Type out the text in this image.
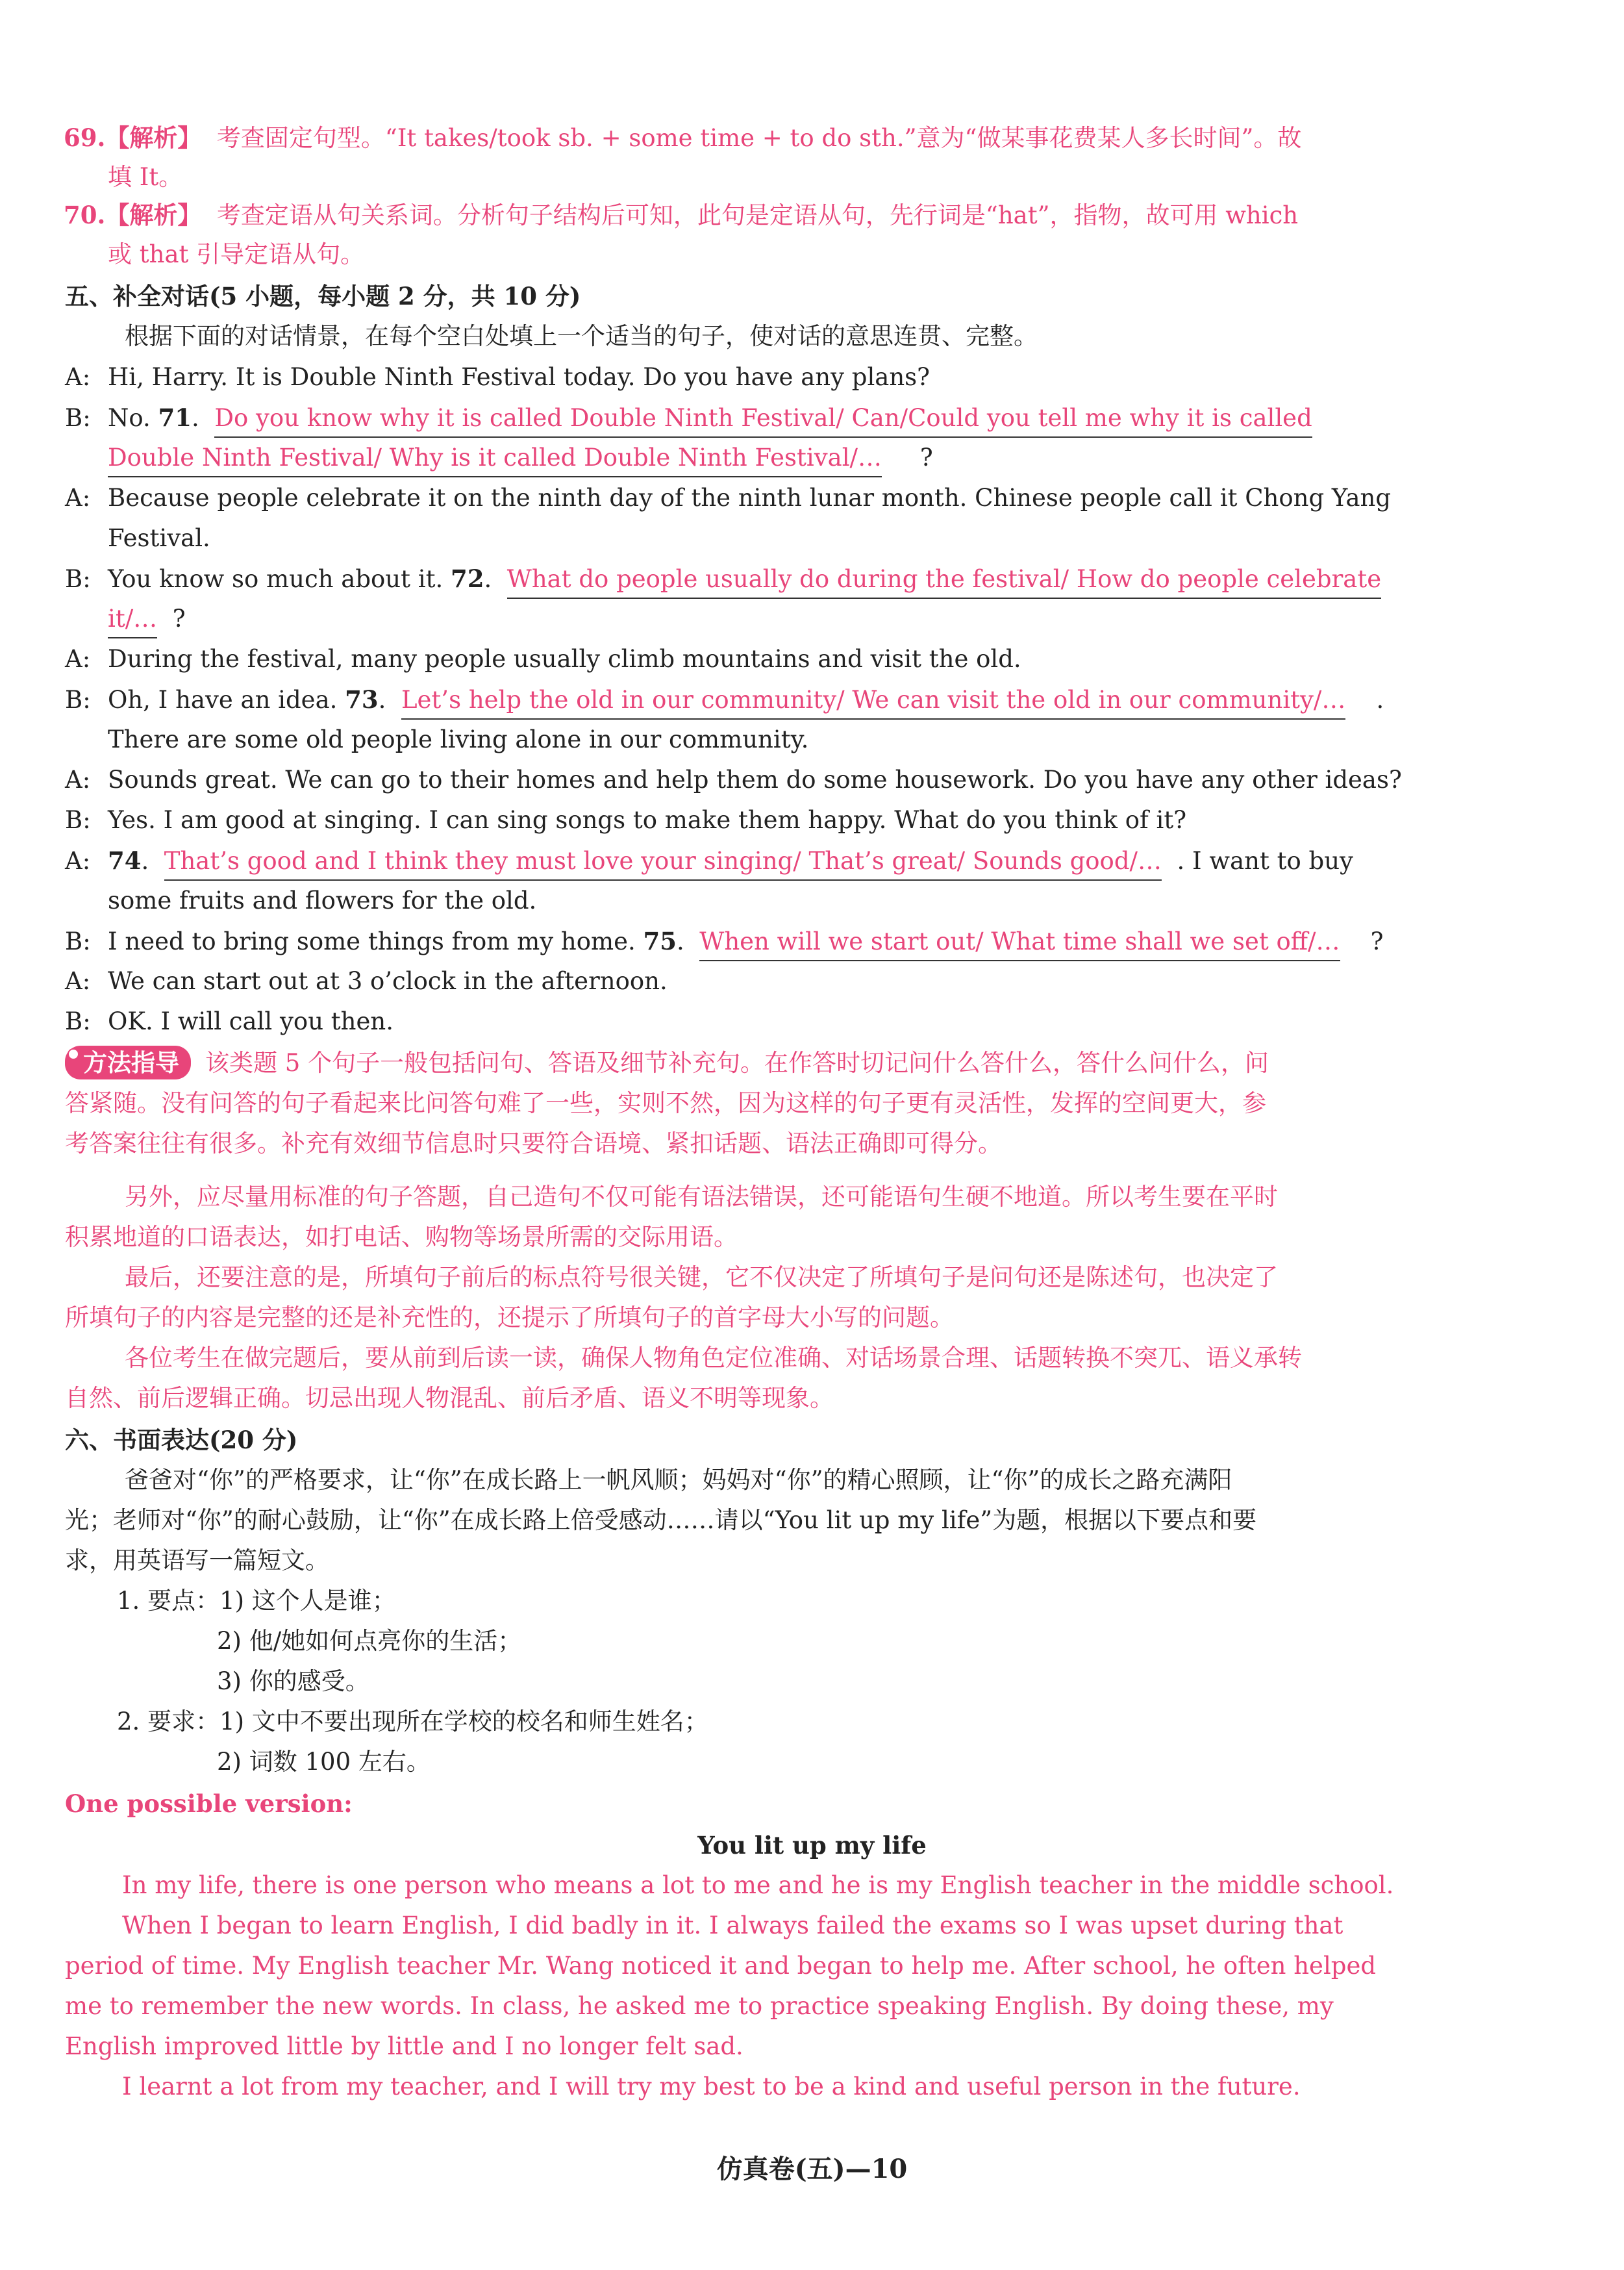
69.【解析】 考查固定句型。“It takes/took sb. + some time + to do sth.”意为“做某事花费某人多长时间”。故
填 It。
70.【解析】 考查定语从句关系词。分析句子结构后可知，此句是定语从句，先行词是“hat”，指物，故可用 which
或 that 引导定语从句。
五、补全对话(5 小题，每小题 2 分，共 10 分)
根据下面的对话情景，在每个空白处填上一个适当的句子，使对话的意思连贯、完整。
A: Hi, Harry. It is Double Ninth Festival today. Do you have any plans?
B: No. 71.  Do you know why it is called Double Ninth Festival/ Can/Could you tell me why it is called
Double Ninth Festival/ Why is it called Double Ninth Festival/… ?
A: Because people celebrate it on the ninth day of the ninth lunar month. Chinese people call it Chong Yang
Festival.
B: You know so much about it. 72.  What do people usually do during the festival/ How do people celebrate
it/… ?
A: During the festival, many people usually climb mountains and visit the old.
B: Oh, I have an idea. 73.  Let’s help the old in our community/ We can visit the old in our community/… .
There are some old people living alone in our community.
A: Sounds great. We can go to their homes and help them do some housework. Do you have any other ideas?
B: Yes. I am good at singing. I can sing songs to make them happy. What do you think of it?
A: 74.  That’s good and I think they must love your singing/ That’s great/ Sounds good/… . I want to buy
some fruits and flowers for the old.
B: I need to bring some things from my home. 75.  When will we start out/ What time shall we set off/… ?
A: We can start out at 3 o’clock in the afternoon.
B: OK. I will call you then.
方法指导 该类题 5 个句子一般包括问句、答语及细节补充句。在作答时切记问什么答什么，答什么问什么，问
答紧随。没有问答的句子看起来比问答句难了一些，实则不然，因为这样的句子更有灵活性，发挥的空间更大，参
考答案往往有很多。补充有效细节信息时只要符合语境、紧扣话题、语法正确即可得分。
另外，应尽量用标准的句子答题，自己造句不仅可能有语法错误，还可能语句生硬不地道。所以考生要在平时
积累地道的口语表达，如打电话、购物等场景所需的交际用语。
最后，还要注意的是，所填句子前后的标点符号很关键，它不仅决定了所填句子是问句还是陈述句，也决定了
所填句子的内容是完整的还是补充性的，还提示了所填句子的首字母大小写的问题。
各位考生在做完题后，要从前到后读一读，确保人物角色定位准确、对话场景合理、话题转换不突兀、语义承转
自然、前后逻辑正确。切忌出现人物混乱、前后矛盾、语义不明等现象。
六、书面表达(20 分)
爸爸对“你”的严格要求，让“你”在成长路上一帆风顺；妈妈对“你”的精心照顾，让“你”的成长之路充满阳
光；老师对“你”的耐心鼓励，让“你”在成长路上倍受感动……请以“You lit up my life”为题，根据以下要点和要
求，用英语写一篇短文。
1. 要点：1) 这个人是谁；
2) 他/她如何点亮你的生活；
3) 你的感受。
2. 要求：1) 文中不要出现所在学校的校名和师生姓名；
2) 词数 100 左右。
One possible version:
You lit up my life
In my life, there is one person who means a lot to me and he is my English teacher in the middle school.
When I began to learn English, I did badly in it. I always failed the exams so I was upset during that
period of time. My English teacher Mr. Wang noticed it and began to help me. After school, he often helped
me to remember the new words. In class, he asked me to practice speaking English. By doing these, my
English improved little by little and I no longer felt sad.
I learnt a lot from my teacher, and I will try my best to be a kind and useful person in the future.
仿真卷(五)—10
